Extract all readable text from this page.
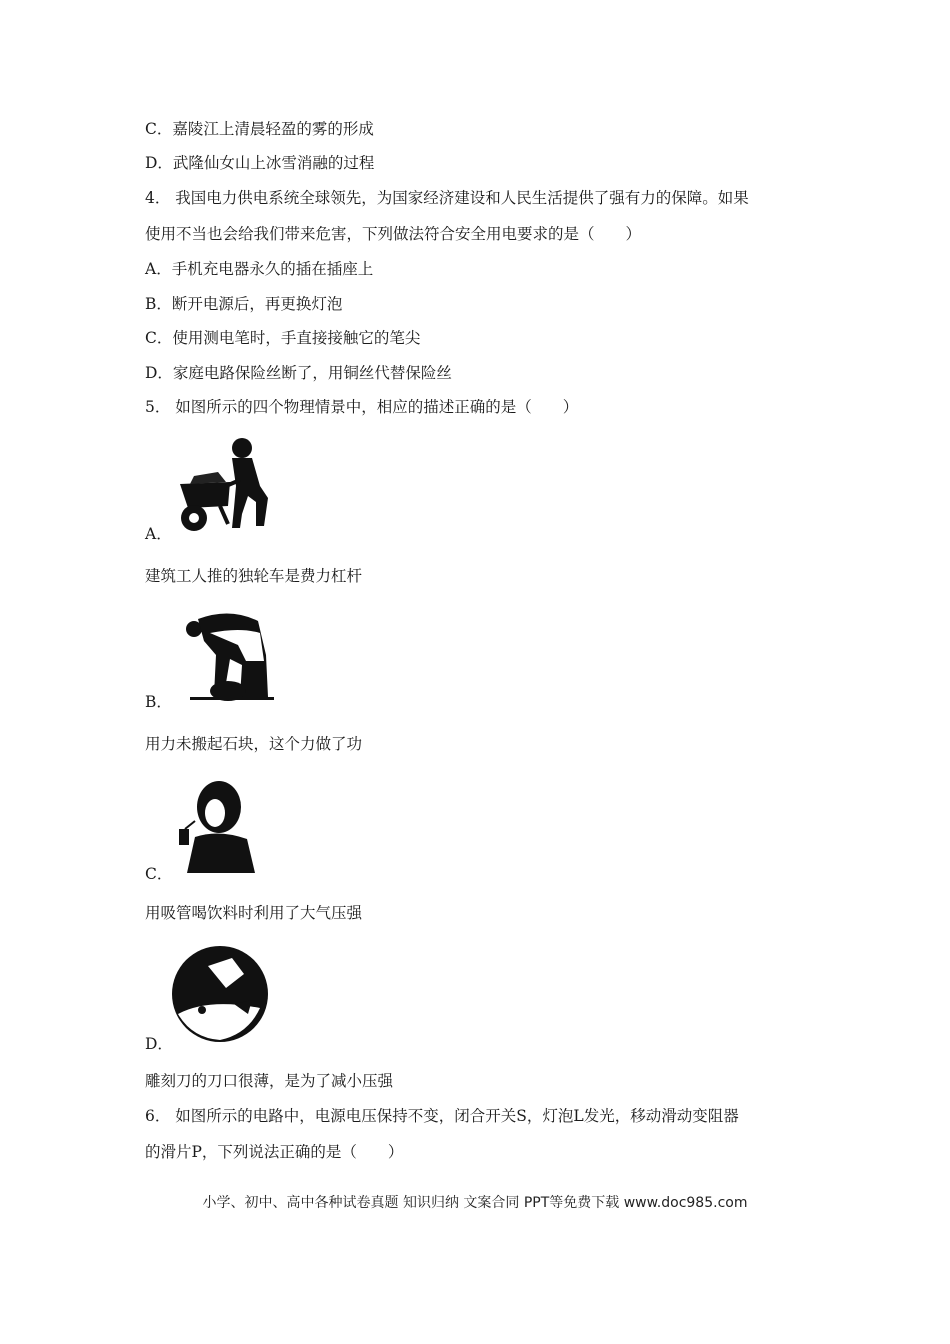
C．嘉陵江上清晨轻盈的雾的形成
D．武隆仙女山上冰雪消融的过程
4． 我国电力供电系统全球领先，为国家经济建设和人民生活提供了强有力的保障。如果
使用不当也会给我们带来危害，下列做法符合安全用电要求的是（　　）
A．手机充电器永久的插在插座上
B．断开电源后，再更换灯泡
C．使用测电笔时，手直接接触它的笔尖
D．家庭电路保险丝断了，用铜丝代替保险丝
5． 如图所示的四个物理情景中，相应的描述正确的是（　　）
A．
建筑工人推的独轮车是费力杠杆
B．
用力未搬起石块，这个力做了功
C．
用吸管喝饮料时利用了大气压强
D．
雕刻刀的刀口很薄，是为了减小压强
6． 如图所示的电路中，电源电压保持不变，闭合开关S，灯泡L发光，移动滑动变阻器
的滑片P，下列说法正确的是（　　）
小学、初中、高中各种试卷真题 知识归纳 文案合同 PPT等免费下载 www.doc985.com
